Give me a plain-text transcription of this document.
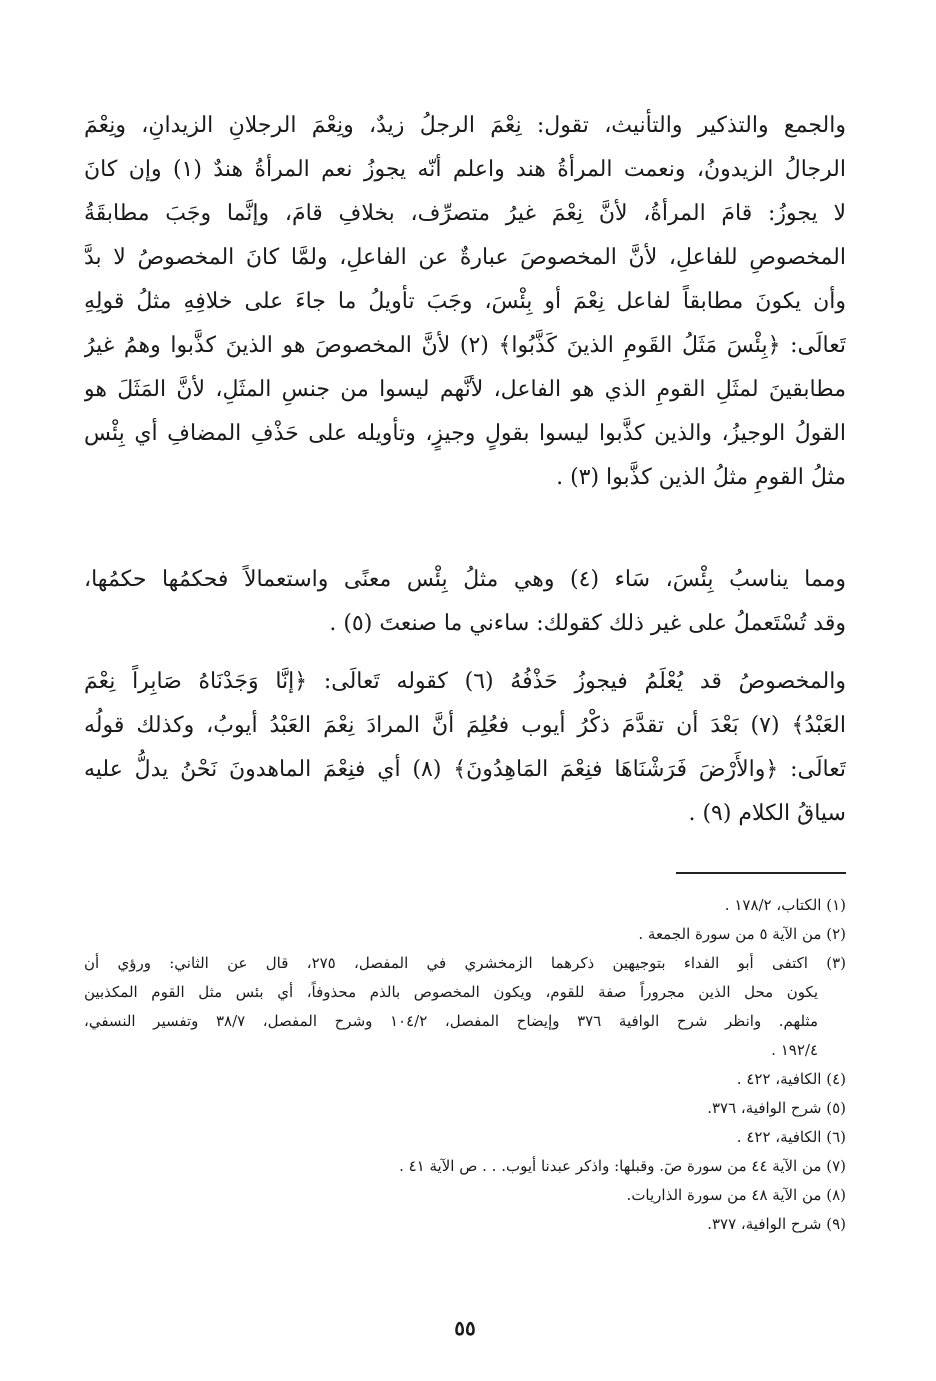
والجمع والتذكير والتأنيث، تقول: نِعْمَ الرجلُ زيدٌ، ونِعْمَ الرجلانِ الزيدانِ، ونِعْمَ
الرجالُ الزيدونُ، ونعمت المرأةُ هند واعلم أنّه يجوزُ نعم المرأةُ هندٌ (١) وإن كانَ
لا يجوزُ: قامَ المرأةُ، لأنَّ نِعْمَ غيرُ متصرِّف، بخلافِ قامَ، وإنَّما وجَبَ مطابقَةُ
المخصوصِ للفاعلِ، لأنَّ المخصوصَ عبارةٌ عن الفاعلِ، ولمَّا كانَ المخصوصُ لا بدَّ
وأن يكونَ مطابقاً لفاعل نِعْمَ أو بِئْسَ، وجَبَ تأويلُ ما جاءَ على خلافِهِ مثلُ قولِهِ
تَعالَى: ﴿بِئْسَ مَثَلُ القَومِ الذينَ كَذَّبُوا﴾ (٢) لأنَّ المخصوصَ هو الذينَ كذَّبوا وهمُ غيرُ
مطابقينَ لمثَلِ القومِ الذي هو الفاعل، لأنَّهم ليسوا من جنسِ المثَلِ، لأنَّ المَثَلَ هو
القولُ الوجيزُ، والذين كذَّبوا ليسوا بقولٍ وجيزٍ، وتأويله على حَذْفِ المضافِ أي بِئْس
مثلُ القومِ مثلُ الذين كذَّبوا (٣) .

ومما يناسبُ بِئْسَ، سَاء (٤) وهي مثلُ بِئْس معنًى واستعمالاً فحكمُها حكمُها،
وقد تُسْتَعملُ على غير ذلك كقولك: ساءني ما صنعتَ (٥) .

والمخصوصُ قد يُعْلَمُ فيجوزُ حَذْفُهُ (٦) كقوله تَعالَى: ﴿إنَّا وَجَدْنَاهُ صَابِراً نِعْمَ
العَبْدُ﴾ (٧) بَعْدَ أن تقدَّمَ ذكْرُ أيوب فعُلِمَ أنَّ المرادَ نِعْمَ العَبْدُ أيوبُ، وكذلك قولُه
تَعالَى: ﴿والأَرْضَ فَرَشْنَاهَا فنِعْمَ المَاهِدُونَ﴾ (٨) أي فنِعْمَ الماهدونَ نَحْنُ يدلُّ عليه
سياقُ الكلام (٩) .

(١) الكتاب، ١٧٨/٢ .
(٢) من الآية ٥ من سورة الجمعة .
(٣) اكتفى أبو الفداء بتوجيهين ذكرهما الزمخشري في المفصل، ٢٧٥، قال عن الثاني: ورؤي أن
يكون محل الذين مجروراً صفة للقوم، ويكون المخصوص بالذم محذوفاً، أي بئس مثل القوم المكذبين
مثلهم. وانظر شرح الوافية ٣٧٦ وإيضاح المفصل، ١٠٤/٢ وشرح المفصل، ٣٨/٧ وتفسير النسفي،
١٩٢/٤ .
(٤) الكافية، ٤٢٢ .
(٥) شرح الوافية، ٣٧٦.
(٦) الكافية، ٤٢٢ .
(٧) من الآية ٤٤ من سورة صٓ. وقبلها: واذكر عبدنا أيوب. . . ص الآية ٤١ .
(٨) من الآية ٤٨ من سورة الذاريات.
(٩) شرح الوافية، ٣٧٧.
٥٥
